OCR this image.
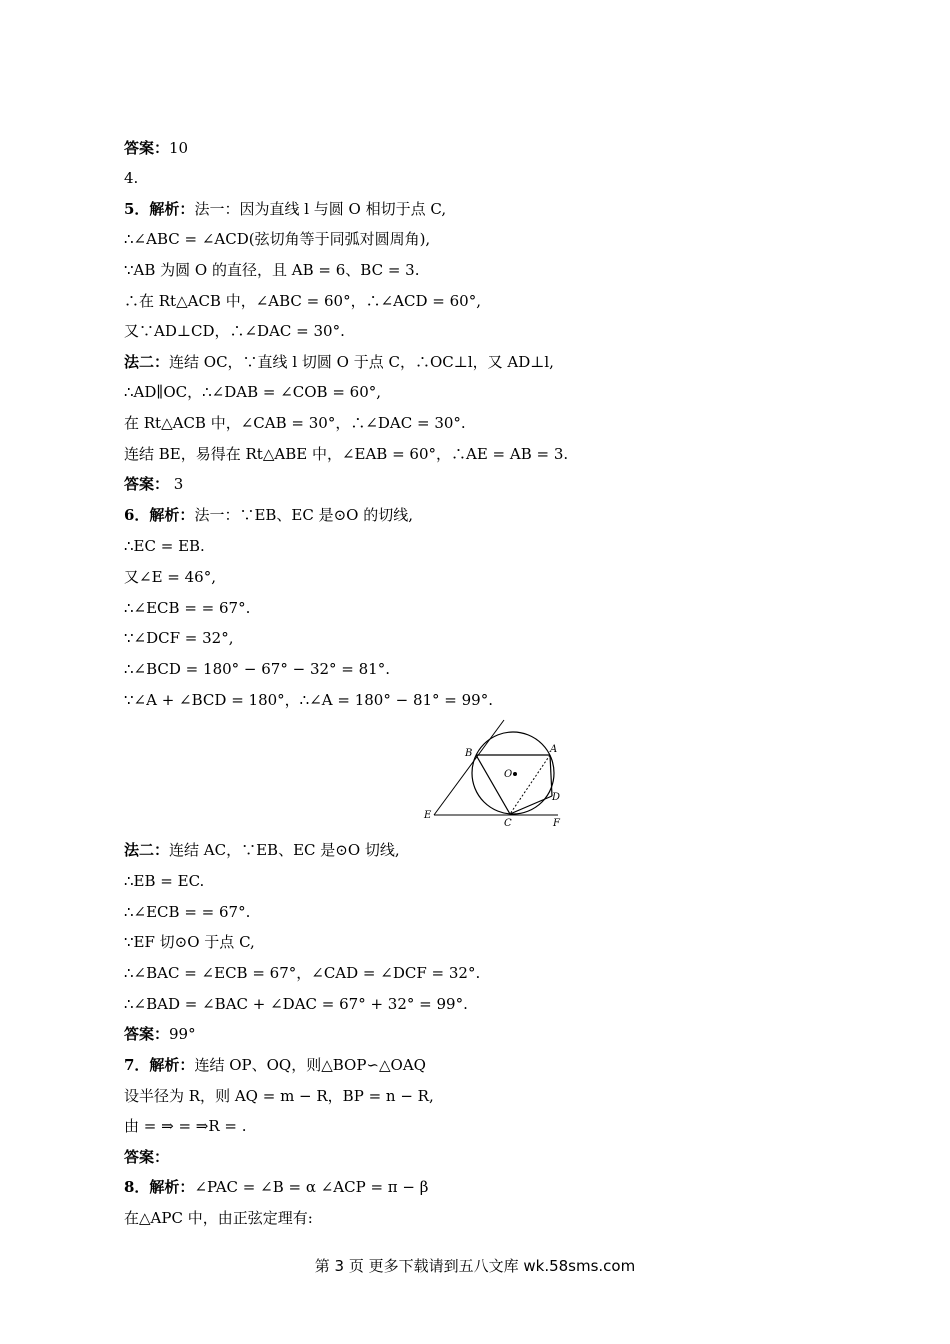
答案：10
4.
5．解析：法一：因为直线 l 与圆 O 相切于点 C,
∴∠ABC = ∠ACD(弦切角等于同弧对圆周角),
∵AB 为圆 O 的直径，且 AB = 6、BC = 3.
∴在 Rt△ACB 中，∠ABC = 60°，∴∠ACD = 60°,
又∵AD⊥CD，∴∠DAC = 30°.
法二：连结 OC，∵直线 l 切圆 O 于点 C，∴OC⊥l，又 AD⊥l,
∴AD∥OC，∴∠DAB = ∠COB = 60°,
在 Rt△ACB 中，∠CAB = 30°，∴∠DAC = 30°.
连结 BE，易得在 Rt△ABE 中，∠EAB = 60°，∴AE = AB = 3.
答案： 3
6．解析：法一：∵EB、EC 是⊙O 的切线,
∴EC = EB.
又∠E = 46°,
∴∠ECB = = 67°.
∵∠DCF = 32°,
∴∠BCD = 180° − 67° − 32° = 81°.
∵∠A + ∠BCD = 180°，∴∠A = 180° − 81° = 99°.
法二：连结 AC，∵EB、EC 是⊙O 切线,
∴EB = EC.
∴∠ECB = = 67°.
∵EF 切⊙O 于点 C,
∴∠BAC = ∠ECB = 67°，∠CAD = ∠DCF = 32°.
∴∠BAD = ∠BAC + ∠DAC = 67° + 32° = 99°.
答案：99°
7．解析：连结 OP、OQ，则△BOP∽△OAQ
设半径为 R，则 AQ = m − R，BP = n − R,
由 = ⇒ = ⇒R = .
答案：
8．解析：∠PAC = ∠B = α ∠ACP = π − β
在△APC 中，由正弦定理有:
B	A
O
D
E
C	F
第 3 页 更多下载请到五八文库 wk.58sms.com
